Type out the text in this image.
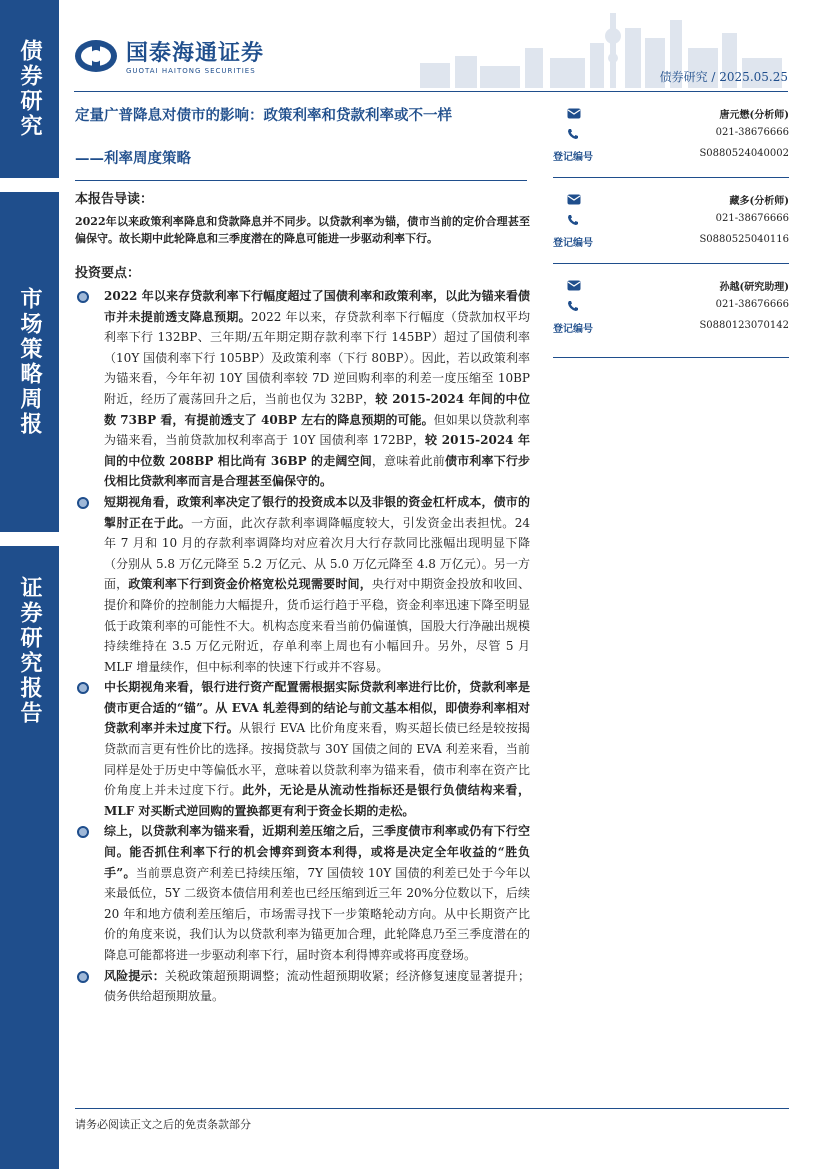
债券研究
市场策略周报
证券研究报告
国泰海通证券
GUOTAI HAITONG SECURITIES	债券研究 / 2025.05.25
定量广普降息对债市的影响：政策利率和贷款利率或不一样
——利率周度策略
本报告导读：
2022年以来政策利率降息和贷款降息并不同步。以贷款利率为锚，债市当前的定价合理甚至偏保守。故长期中此轮降息和三季度潜在的降息可能进一步驱动利率下行。
投资要点：
2022 年以来存贷款利率下行幅度超过了国债利率和政策利率，以此为锚来看债市并未提前透支降息预期。2022 年以来，存贷款利率下行幅度（贷款加权平均利率下行 132BP、三年期/五年期定期存款利率下行 145BP）超过了国债利率（10Y 国债利率下行 105BP）及政策利率（下行 80BP）。因此，若以政策利率为锚来看，今年年初 10Y 国债利率较 7D 逆回购利率的利差一度压缩至 10BP 附近，经历了震荡回升之后，当前也仅为 32BP，较 2015-2024 年间的中位数 73BP 看，有提前透支了 40BP 左右的降息预期的可能。但如果以贷款利率为锚来看，当前贷款加权利率高于 10Y 国债利率 172BP，较 2015-2024 年间的中位数 208BP 相比尚有 36BP 的走阔空间，意味着此前债市利率下行步伐相比贷款利率而言是合理甚至偏保守的。
短期视角看，政策利率决定了银行的投资成本以及非银的资金杠杆成本，债市的掣肘正在于此。一方面，此次存款利率调降幅度较大，引发资金出表担忧。24 年 7 月和 10 月的存款利率调降均对应着次月大行存款同比涨幅出现明显下降（分别从 5.8 万亿元降至 5.2 万亿元、从 5.0 万亿元降至 4.8 万亿元）。另一方面，政策利率下行到资金价格宽松兑现需要时间，央行对中期资金投放和收回、提价和降价的控制能力大幅提升，货币运行趋于平稳，资金利率迅速下降至明显低于政策利率的可能性不大。机构态度来看当前仍偏谨慎，国股大行净融出规模持续维持在 3.5 万亿元附近，存单利率上周也有小幅回升。另外，尽管 5 月 MLF 增量续作，但中标利率的快速下行或并不容易。
中长期视角来看，银行进行资产配置需根据实际贷款利率进行比价，贷款利率是债市更合适的“锚”。从 EVA 轧差得到的结论与前文基本相似，即债券利率相对贷款利率并未过度下行。从银行 EVA 比价角度来看，购买超长债已经是较按揭贷款而言更有性价比的选择。按揭贷款与 30Y 国债之间的 EVA 利差来看，当前同样是处于历史中等偏低水平，意味着以贷款利率为锚来看，债市利率在资产比价角度上并未过度下行。此外，无论是从流动性指标还是银行负债结构来看，MLF 对买断式逆回购的置换都更有利于资金长期的走松。
综上，以贷款利率为锚来看，近期利差压缩之后，三季度债市利率或仍有下行空间。能否抓住利率下行的机会博弈到资本利得，或将是决定全年收益的“胜负手”。当前票息资产利差已持续压缩，7Y 国债较 10Y 国债的利差已处于今年以来最低位，5Y 二级资本债信用利差也已经压缩到近三年 20%分位数以下，后续 20 年和地方债利差压缩后，市场需寻找下一步策略轮动方向。从中长期资产比价的角度来说，我们认为以贷款利率为锚更加合理，此轮降息乃至三季度潜在的降息可能都将进一步驱动利率下行，届时资本利得博弈或将再度登场。
风险提示：关税政策超预期调整；流动性超预期收紧；经济修复速度显著提升；债务供给超预期放量。
唐元懋(分析师)
021-38676666
登记编号	S0880524040002
藏多(分析师)
021-38676666
登记编号	S0880525040116
孙越(研究助理)
021-38676666
登记编号	S0880123070142
请务必阅读正文之后的免责条款部分
